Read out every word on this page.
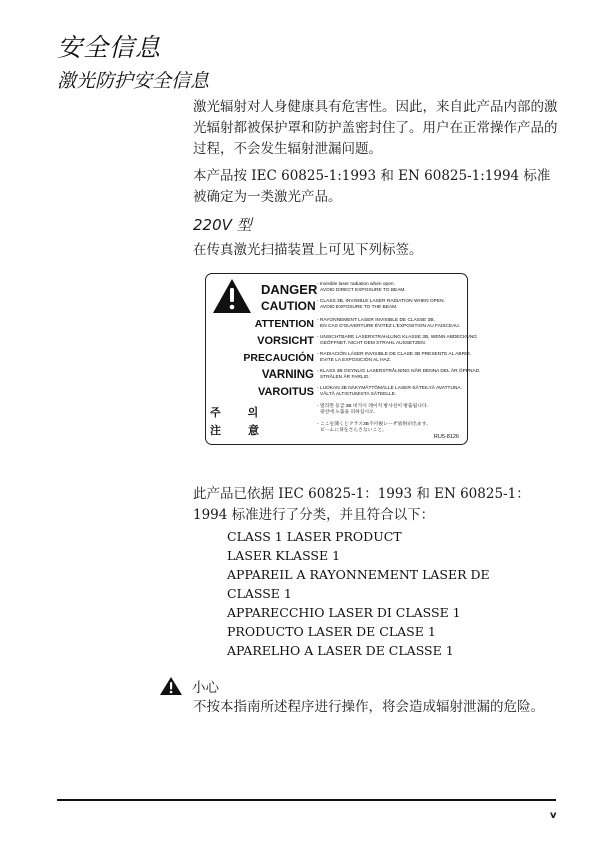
安全信息
激光防护安全信息

激光辐射对人身健康具有危害性。因此，来自此产品内部的激光辐射都被保护罩和防护盖密封住了。用户在正常操作产品的过程，不会发生辐射泄漏问题。

本产品按 IEC 60825-1:1993 和 EN 60825-1:1994 标准被确定为一类激光产品。

220V 型

在传真激光扫描装置上可见下列标签。

DANGER - Invisible laser radiation when open.
AVOID DIRECT EXPOSURE TO BEAM.
CAUTION - CLASS 3B, INVISIBLE LASER RADIATION WHEN OPEN.
AVOID EXPOSURE TO THE BEAM.
ATTENTION - RAYONNEMENT LASER INVISIBLE DE CLASSE 3B.
EN CAS D'OUVERTURE ÉVITEZ L'EXPOSITION AU FAISCEAU.
VORSICHT - UNSICHTBARE LASERSTRAHLUNG KLASSE 3B, WENN ABDECKUNG
GEÖFFNET. NICHT DEM STRAHL AUSSETZEN.
PRECAUCIÓN - RADIACIÓN LÁSER INVISIBLE DE CLASE 3B PRESENTE AL ABRIR.
EVITE LA EXPOSICIÓN AL HAZ.
VARNING - KLASS 3B OSYNLIG LASERSTRÅLNING NÄR DENNA DEL ÄR ÖPPNAD.
STRÅLEN ÄR FARLIG.
VAROITUS - LUOKAN 3B NÄKYMÄTTÖMÄLLE LASER-SÄTEILYÄ AVATTUNA.
VÄLTÄ ALTISTUMISTA SÄTEELLE.
주　의
- 열리면 등급 3B 비가시 레이저 방사선이 방출됩니다.
광선에 노출을 피하십시오.
注　意
- ここを開くとクラス3B不可視レーザ放射が出ます。
ビームに身をさらさないこと。
RU5-8126

此产品已依据 IEC 60825-1：1993 和 EN 60825-1：1994 标准进行了分类，并且符合以下：

CLASS 1 LASER PRODUCT

LASER KLASSE 1

APPAREIL A RAYONNEMENT LASER DE

CLASSE 1

APPARECCHIO LASER DI CLASSE 1

PRODUCTO LASER DE CLASE 1

APARELHO A LASER DE CLASSE 1

小心

不按本指南所述程序进行操作，将会造成辐射泄漏的危险。

v
